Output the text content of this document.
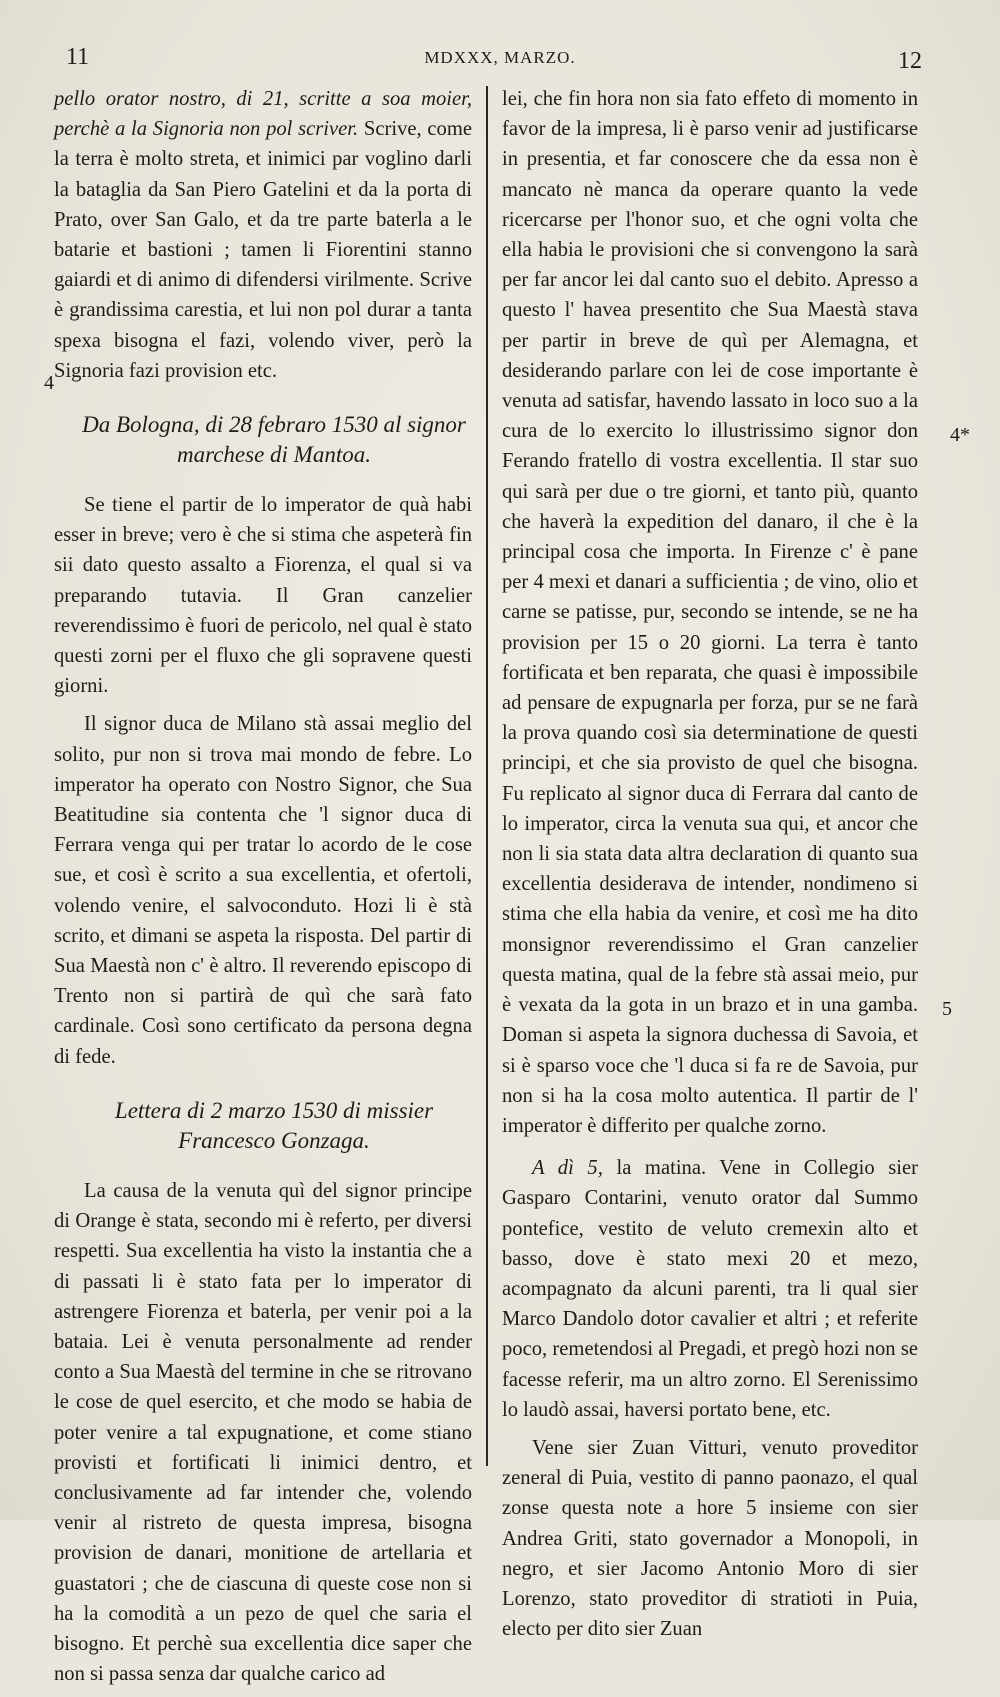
11	MDXXX, MARZO.	12

pello orator nostro, di 21, scritte a soa moier, perchè a la Signoria non pol scriver. Scrive, come la terra è molto streta, et inimici par voglino darli la bataglia da San Piero Gatelini et da la porta di Prato, over San Galo, et da tre parte baterla a le batarie et bastioni ; tamen li Fiorentini stanno gaiardi et di animo di difendersi virilmente. Scrive è grandissima carestia, et lui non pol durar a tanta spexa bisogna el fazi, volendo viver, però la Signoria fazi provision etc.

Da Bologna, di 28 febraro 1530 al signor marchese di Mantoa.

Se tiene el partir de lo imperator de quà habi esser in breve; vero è che si stima che aspeterà fin sii dato questo assalto a Fiorenza, el qual si va preparando tutavia. Il Gran canzelier reverendissimo è fuori de pericolo, nel qual è stato questi zorni per el fluxo che gli sopravene questi giorni.

Il signor duca de Milano stà assai meglio del solito, pur non si trova mai mondo de febre. Lo imperator ha operato con Nostro Signor, che Sua Beatitudine sia contenta che 'l signor duca di Ferrara venga qui per tratar lo acordo de le cose sue, et così è scrito a sua excellentia, et ofertoli, volendo venire, el salvoconduto. Hozi li è stà scrito, et dimani se aspeta la risposta. Del partir di Sua Maestà non c' è altro. Il reverendo episcopo di Trento non si partirà de quì che sarà fato cardinale. Così sono certificato da persona degna di fede.

Lettera di 2 marzo 1530 di missier Francesco Gonzaga.

La causa de la venuta quì del signor principe di Orange è stata, secondo mi è referto, per diversi respetti. Sua excellentia ha visto la instantia che a di passati li è stato fata per lo imperator di astrengere Fiorenza et baterla, per venir poi a la bataia. Lei è venuta personalmente ad render conto a Sua Maestà del termine in che se ritrovano le cose de quel esercito, et che modo se habia de poter venire a tal expugnatione, et come stiano provisti et fortificati li inimici dentro, et conclusivamente ad far intender che, volendo venir al ristreto de questa impresa, bisogna provision de danari, monitione de artellaria et guastatori ; che de ciascuna di queste cose non si ha la comodità a un pezo de quel che saria el bisogno. Et perchè sua excellentia dice saper che non si passa senza dar qualche carico ad

lei, che fin hora non sia fato effeto di momento in favor de la impresa, li è parso venir ad justificarse in presentia, et far conoscere che da essa non è mancato nè manca da operare quanto la vede ricercarse per l'honor suo, et che ogni volta che ella habia le provisioni che si convengono la sarà per far ancor lei dal canto suo el debito. Apresso a questo l' havea presentito che Sua Maestà stava per partir in breve de quì per Alemagna, et desiderando parlare con lei de cose importante è venuta ad satisfar, havendo lassato in loco suo a la cura de lo exercito lo illustrissimo signor don Ferando fratello di vostra excellentia. Il star suo qui sarà per due o tre giorni, et tanto più, quanto che haverà la expedition del danaro, il che è la principal cosa che importa. In Firenze c' è pane per 4 mexi et danari a sufficientia ; de vino, olio et carne se patisse, pur, secondo se intende, se ne ha provision per 15 o 20 giorni. La terra è tanto fortificata et ben reparata, che quasi è impossibile ad pensare de expugnarla per forza, pur se ne farà la prova quando così sia determinatione de questi principi, et che sia provisto de quel che bisogna. Fu replicato al signor duca di Ferrara dal canto de lo imperator, circa la venuta sua qui, et ancor che non li sia stata data altra declaration di quanto sua excellentia desiderava de intender, nondimeno si stima che ella habia da venire, et così me ha dito monsignor reverendissimo el Gran canzelier questa matina, qual de la febre stà assai meio, pur è vexata da la gota in un brazo et in una gamba. Doman si aspeta la signora duchessa di Savoia, et si è sparso voce che 'l duca si fa re de Savoia, pur non si ha la cosa molto autentica. Il partir de l' imperator è differito per qualche zorno.

A dì 5, la matina. Vene in Collegio sier Gasparo Contarini, venuto orator dal Summo pontefice, vestito de veluto cremexin alto et basso, dove è stato mexi 20 et mezo, acompagnato da alcuni parenti, tra li qual sier Marco Dandolo dotor cavalier et altri ; et referite poco, remetendosi al Pregadi, et pregò hozi non se facesse referir, ma un altro zorno. El Serenissimo lo laudò assai, haversi portato bene, etc.

Vene sier Zuan Vitturi, venuto proveditor zeneral di Puia, vestito di panno paonazo, el qual zonse questa note a hore 5 insieme con sier Andrea Griti, stato governador a Monopoli, in negro, et sier Jacomo Antonio Moro di sier Lorenzo, stato proveditor di stratioti in Puia, electo per dito sier Zuan

4
4*
5
